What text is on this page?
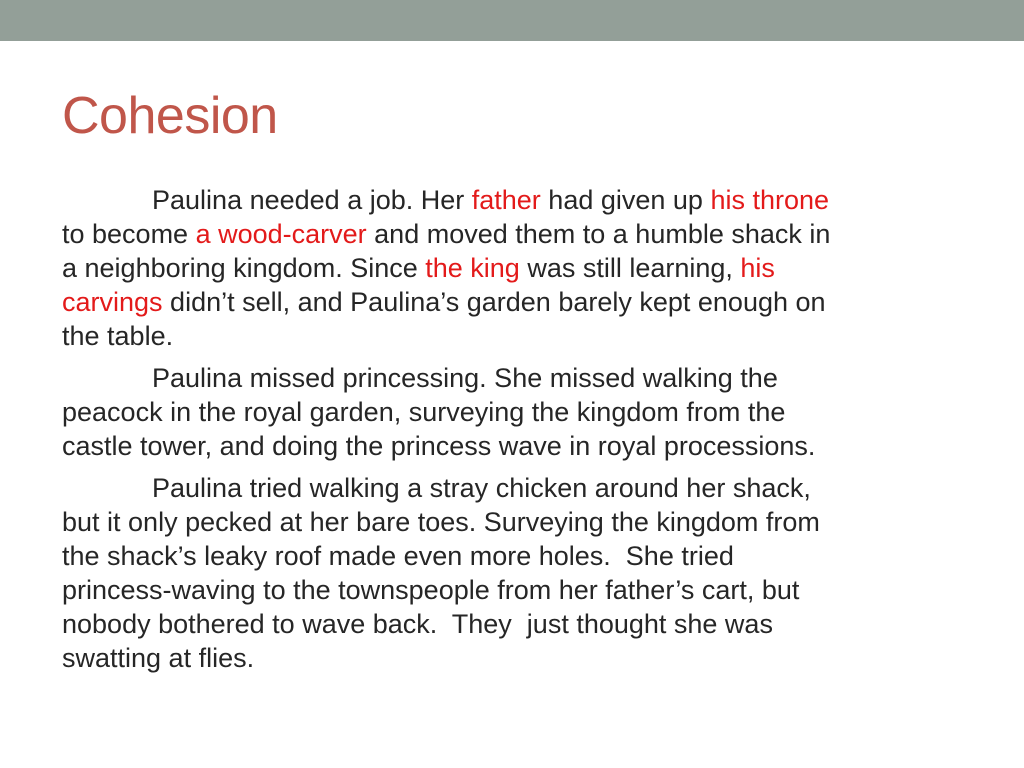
Cohesion

Paulina needed a job. Her father had given up his throne
to become a wood-carver and moved them to a humble shack in
a neighboring kingdom. Since the king was still learning, his
carvings didn’t sell, and Paulina’s garden barely kept enough on
the table.

Paulina missed princessing. She missed walking the
peacock in the royal garden, surveying the kingdom from the
castle tower, and doing the princess wave in royal processions.

Paulina tried walking a stray chicken around her shack,
but it only pecked at her bare toes. Surveying the kingdom from
the shack’s leaky roof made even more holes.  She tried
princess-waving to the townspeople from her father’s cart, but
nobody bothered to wave back.  They  just thought she was
swatting at flies.
